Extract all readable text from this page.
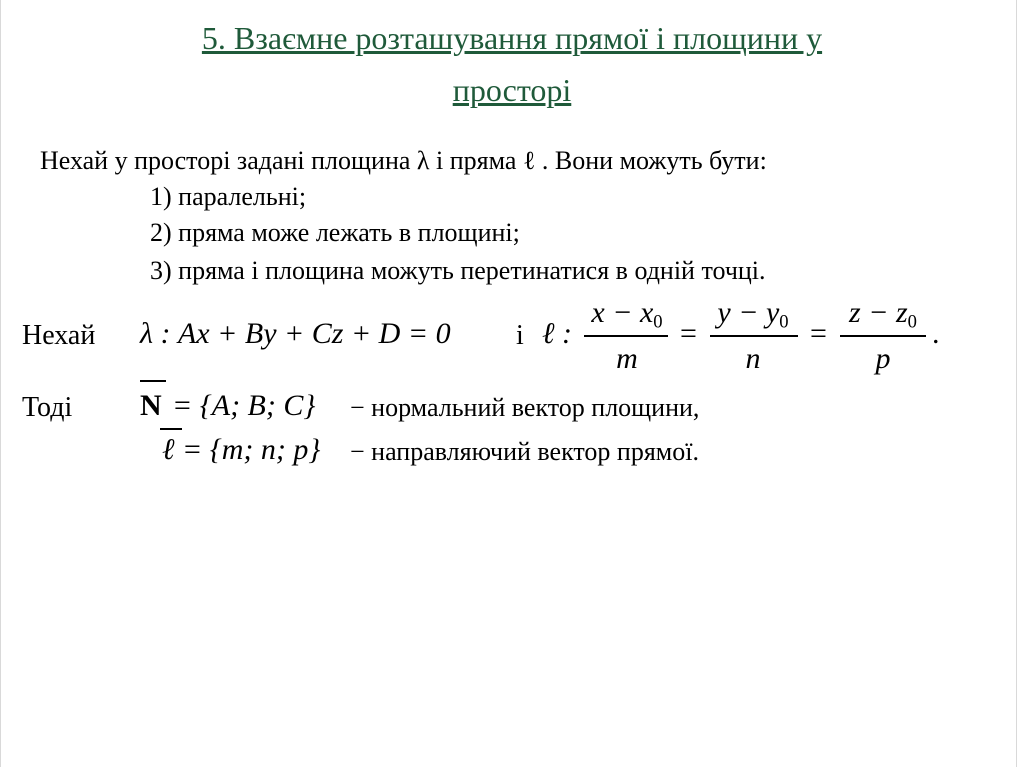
5. Взаємне розташування прямої і площини у
просторі
Нехай у просторі задані площина λ і пряма ℓ . Вони можуть бути:
1) паралельні;
2) пряма може лежать в площині;
3) пряма і площина можуть перетинатися в одній точці.
Нехай λ : Ax + By + Cz + D = 0 і ℓ :
$x - x_0$
m
=
$y - y_0$
n
=
$z - z_0$
p
.
Тоді N = {A; B; C} − нормальний вектор площини,
ℓ = {m; n; p} − направляючий вектор прямої.
